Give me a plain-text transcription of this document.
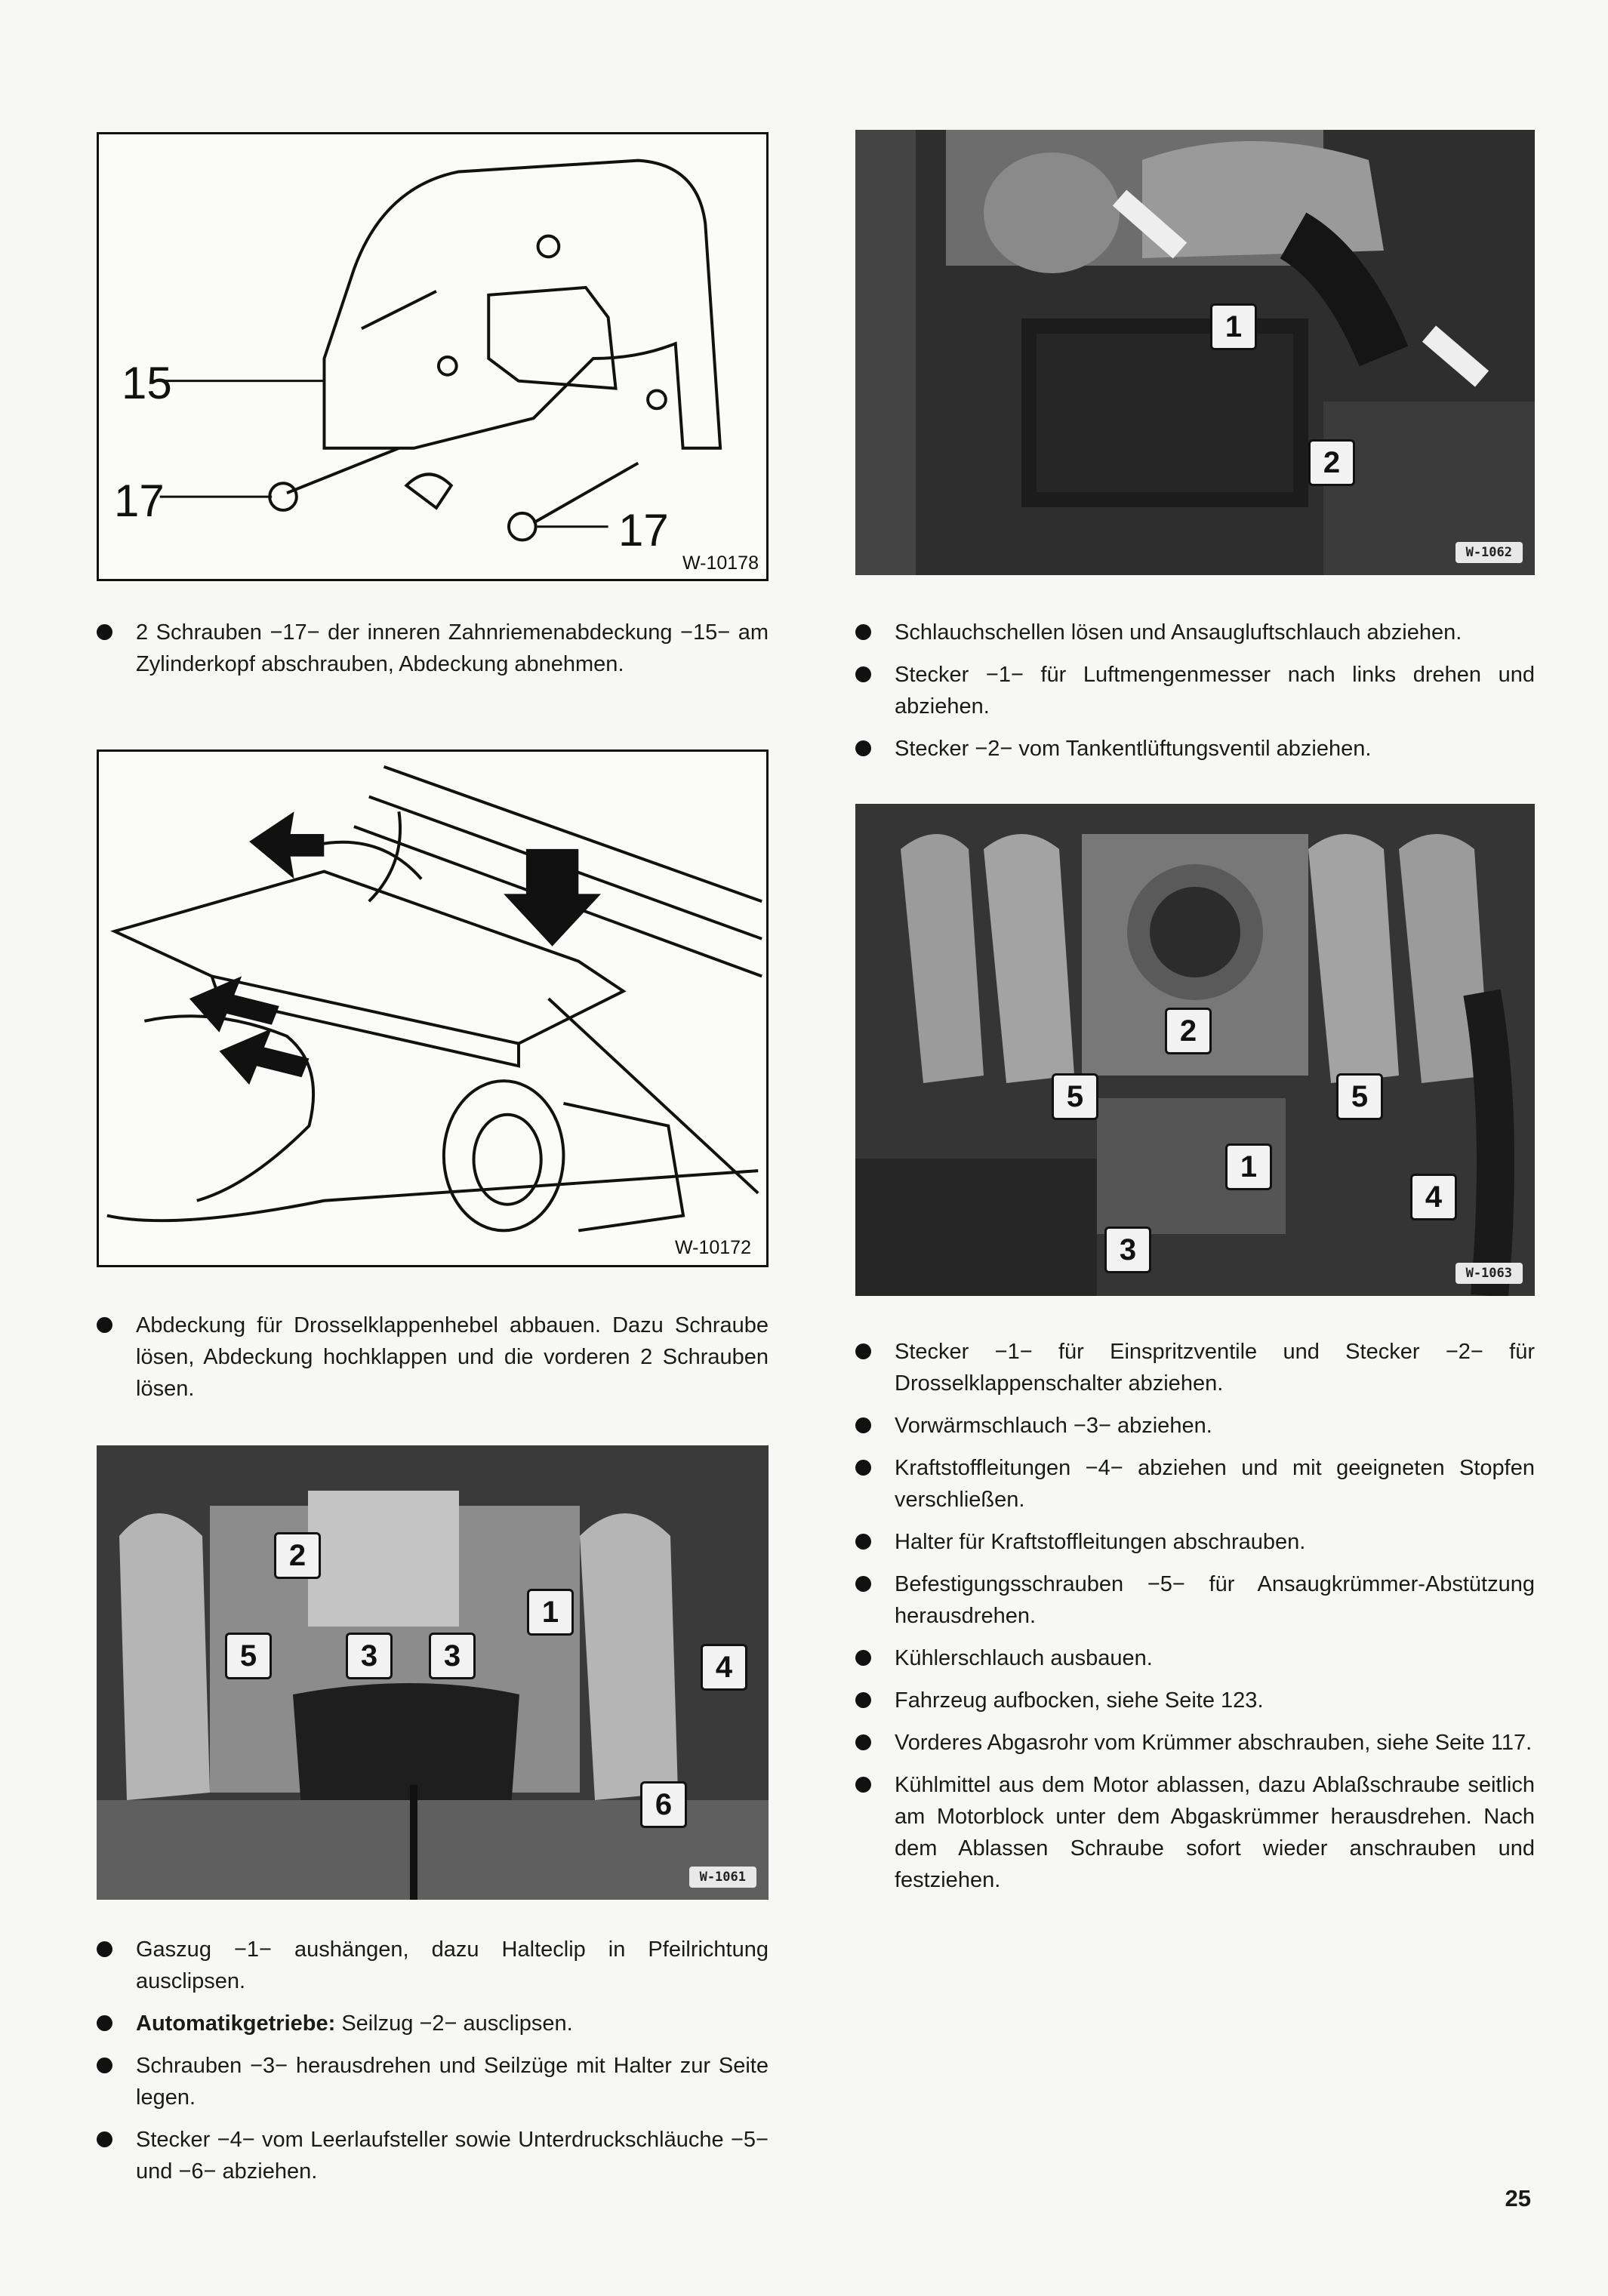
15
17
17
W-10178
2 Schrauben −17− der inneren Zahnriemenabdeckung −15− am Zylinderkopf abschrauben, Abdeckung abnehmen.
1
2
W-1062
Schlauchschellen lösen und Ansaugluftschlauch abziehen.
Stecker −1− für Luftmengenmesser nach links drehen und abziehen.
Stecker −2− vom Tankentlüftungsventil abziehen.
W-10172
Abdeckung für Drosselklappenhebel abbauen. Dazu Schraube lösen, Abdeckung hochklappen und die vorderen 2 Schrauben lösen.
2
5	5
1
3
4
W-1063
2
5	3	3
1
4
6
W-1061
Gaszug −1− aushängen, dazu Halteclip in Pfeilrichtung ausclipsen.
Automatikgetriebe: Seilzug −2− ausclipsen.
Schrauben −3− herausdrehen und Seilzüge mit Halter zur Seite legen.
Stecker −4− vom Leerlaufsteller sowie Unterdruckschläuche −5− und −6− abziehen.
Stecker −1− für Einspritzventile und Stecker −2− für Drosselklappenschalter abziehen.
Vorwärmschlauch −3− abziehen.
Kraftstoffleitungen −4− abziehen und mit geeigneten Stopfen verschließen.
Halter für Kraftstoffleitungen abschrauben.
Befestigungsschrauben −5− für Ansaugkrümmer-Abstützung herausdrehen.
Kühlerschlauch ausbauen.
Fahrzeug aufbocken, siehe Seite 123.
Vorderes Abgasrohr vom Krümmer abschrauben, siehe Seite 117.
Kühlmittel aus dem Motor ablassen, dazu Ablaßschraube seitlich am Motorblock unter dem Abgaskrümmer herausdrehen. Nach dem Ablassen Schraube sofort wieder anschrauben und festziehen.
25
